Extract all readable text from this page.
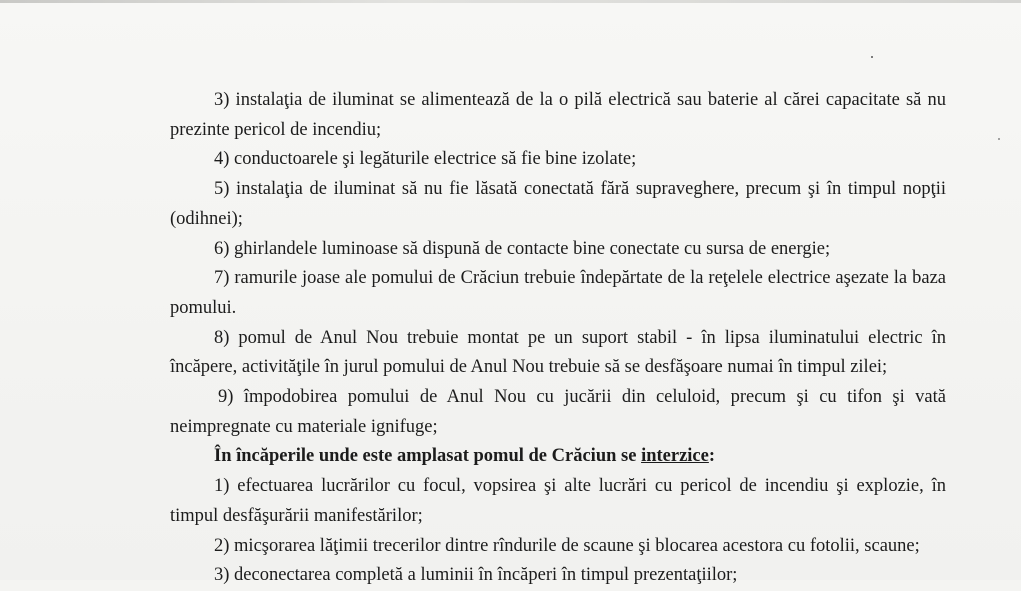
3) instalaţia de iluminat se alimentează de la o pilă electrică sau baterie al cărei capacitate să nu prezinte pericol de incendiu;

4) conductoarele şi legăturile electrice să fie bine izolate;

5) instalaţia de iluminat să nu fie lăsată conectată fără supraveghere, precum şi în timpul nopţii (odihnei);

6) ghirlandele luminoase să dispună de contacte bine conectate cu sursa de energie;

7) ramurile joase ale pomului de Crăciun trebuie îndepărtate de la reţelele electrice aşezate la baza pomului.

8) pomul de Anul Nou trebuie montat pe un suport stabil - în lipsa iluminatului electric în încăpere, activităţile în jurul pomului de Anul Nou trebuie să se desfăşoare numai în timpul zilei;

9) împodobirea pomului de Anul Nou cu jucării din celuloid, precum şi cu tifon şi vată neimpregnate cu materiale ignifuge;

În încăperile unde este amplasat pomul de Crăciun se interzice:

1) efectuarea lucrărilor cu focul, vopsirea şi alte lucrări cu pericol de incendiu şi explozie, în timpul desfăşurării manifestărilor;

2) micşorarea lăţimii trecerilor dintre rîndurile de scaune şi blocarea acestora cu fotolii, scaune;

3) deconectarea completă a luminii în încăperi în timpul prezentaţiilor;
